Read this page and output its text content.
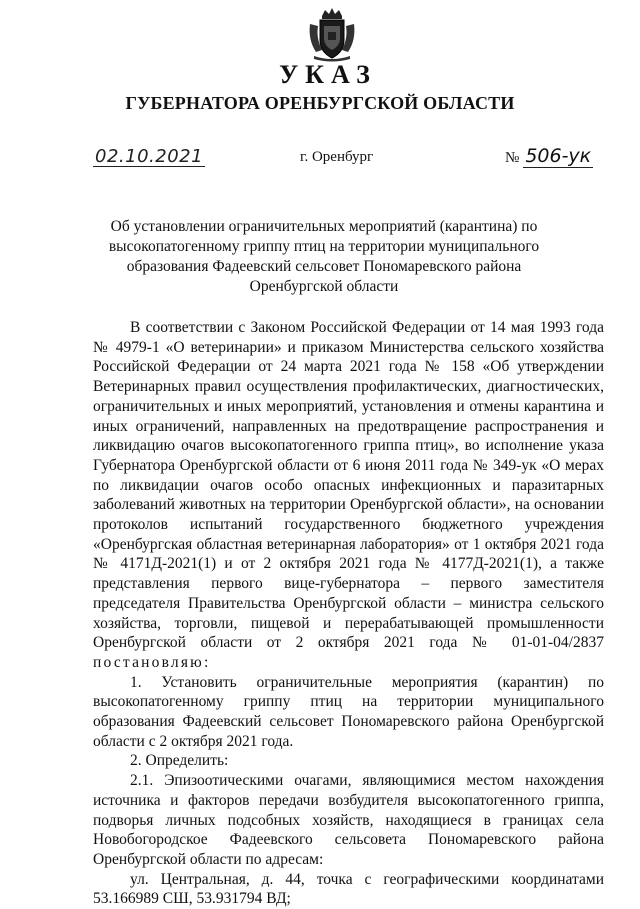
УКАЗ
ГУБЕРНАТОРА ОРЕНБУРГСКОЙ ОБЛАСТИ
02.10.2021	г. Оренбург	№ 506-ук
Об установлении ограничительных мероприятий (карантина) по высокопатогенному гриппу птиц на территории муниципального образования Фадеевский сельсовет Пономаревского района Оренбургской области

В соответствии с Законом Российской Федерации от 14 мая 1993 года № 4979-1 «О ветеринарии» и приказом Министерства сельского хозяйства Российской Федерации от 24 марта 2021 года № 158 «Об утверждении Ветеринарных правил осуществления профилактических, диагностических, ограничительных и иных мероприятий, установления и отмены карантина и иных ограничений, направленных на предотвращение распространения и ликвидацию очагов высокопатогенного гриппа птиц», во исполнение указа Губернатора Оренбургской области от 6 июня 2011 года № 349-ук «О мерах по ликвидации очагов особо опасных инфекционных и паразитарных заболеваний животных на территории Оренбургской области», на основании протоколов испытаний государственного бюджетного учреждения «Оренбургская областная ветеринарная лаборатория» от 1 октября 2021 года № 4171Д-2021(1) и от 2 октября 2021 года № 4177Д-2021(1), а также представления первого вице-губернатора – первого заместителя председателя Правительства Оренбургской области – министра сельского хозяйства, торговли, пищевой и перерабатывающей промышленности Оренбургской области от 2 октября 2021 года № 01-01-04/2837 постановляю:

1. Установить ограничительные мероприятия (карантин) по высокопатогенному гриппу птиц на территории муниципального образования Фадеевский сельсовет Пономаревского района Оренбургской области с 2 октября 2021 года.

2. Определить:

2.1. Эпизоотическими очагами, являющимися местом нахождения источника и факторов передачи возбудителя высокопатогенного гриппа, подворья личных подсобных хозяйств, находящиеся в границах села Новобогородское Фадеевского сельсовета Пономаревского района Оренбургской области по адресам:

ул. Центральная, д. 44, точка с географическими координатами 53.166989 СШ, 53.931794 ВД;
